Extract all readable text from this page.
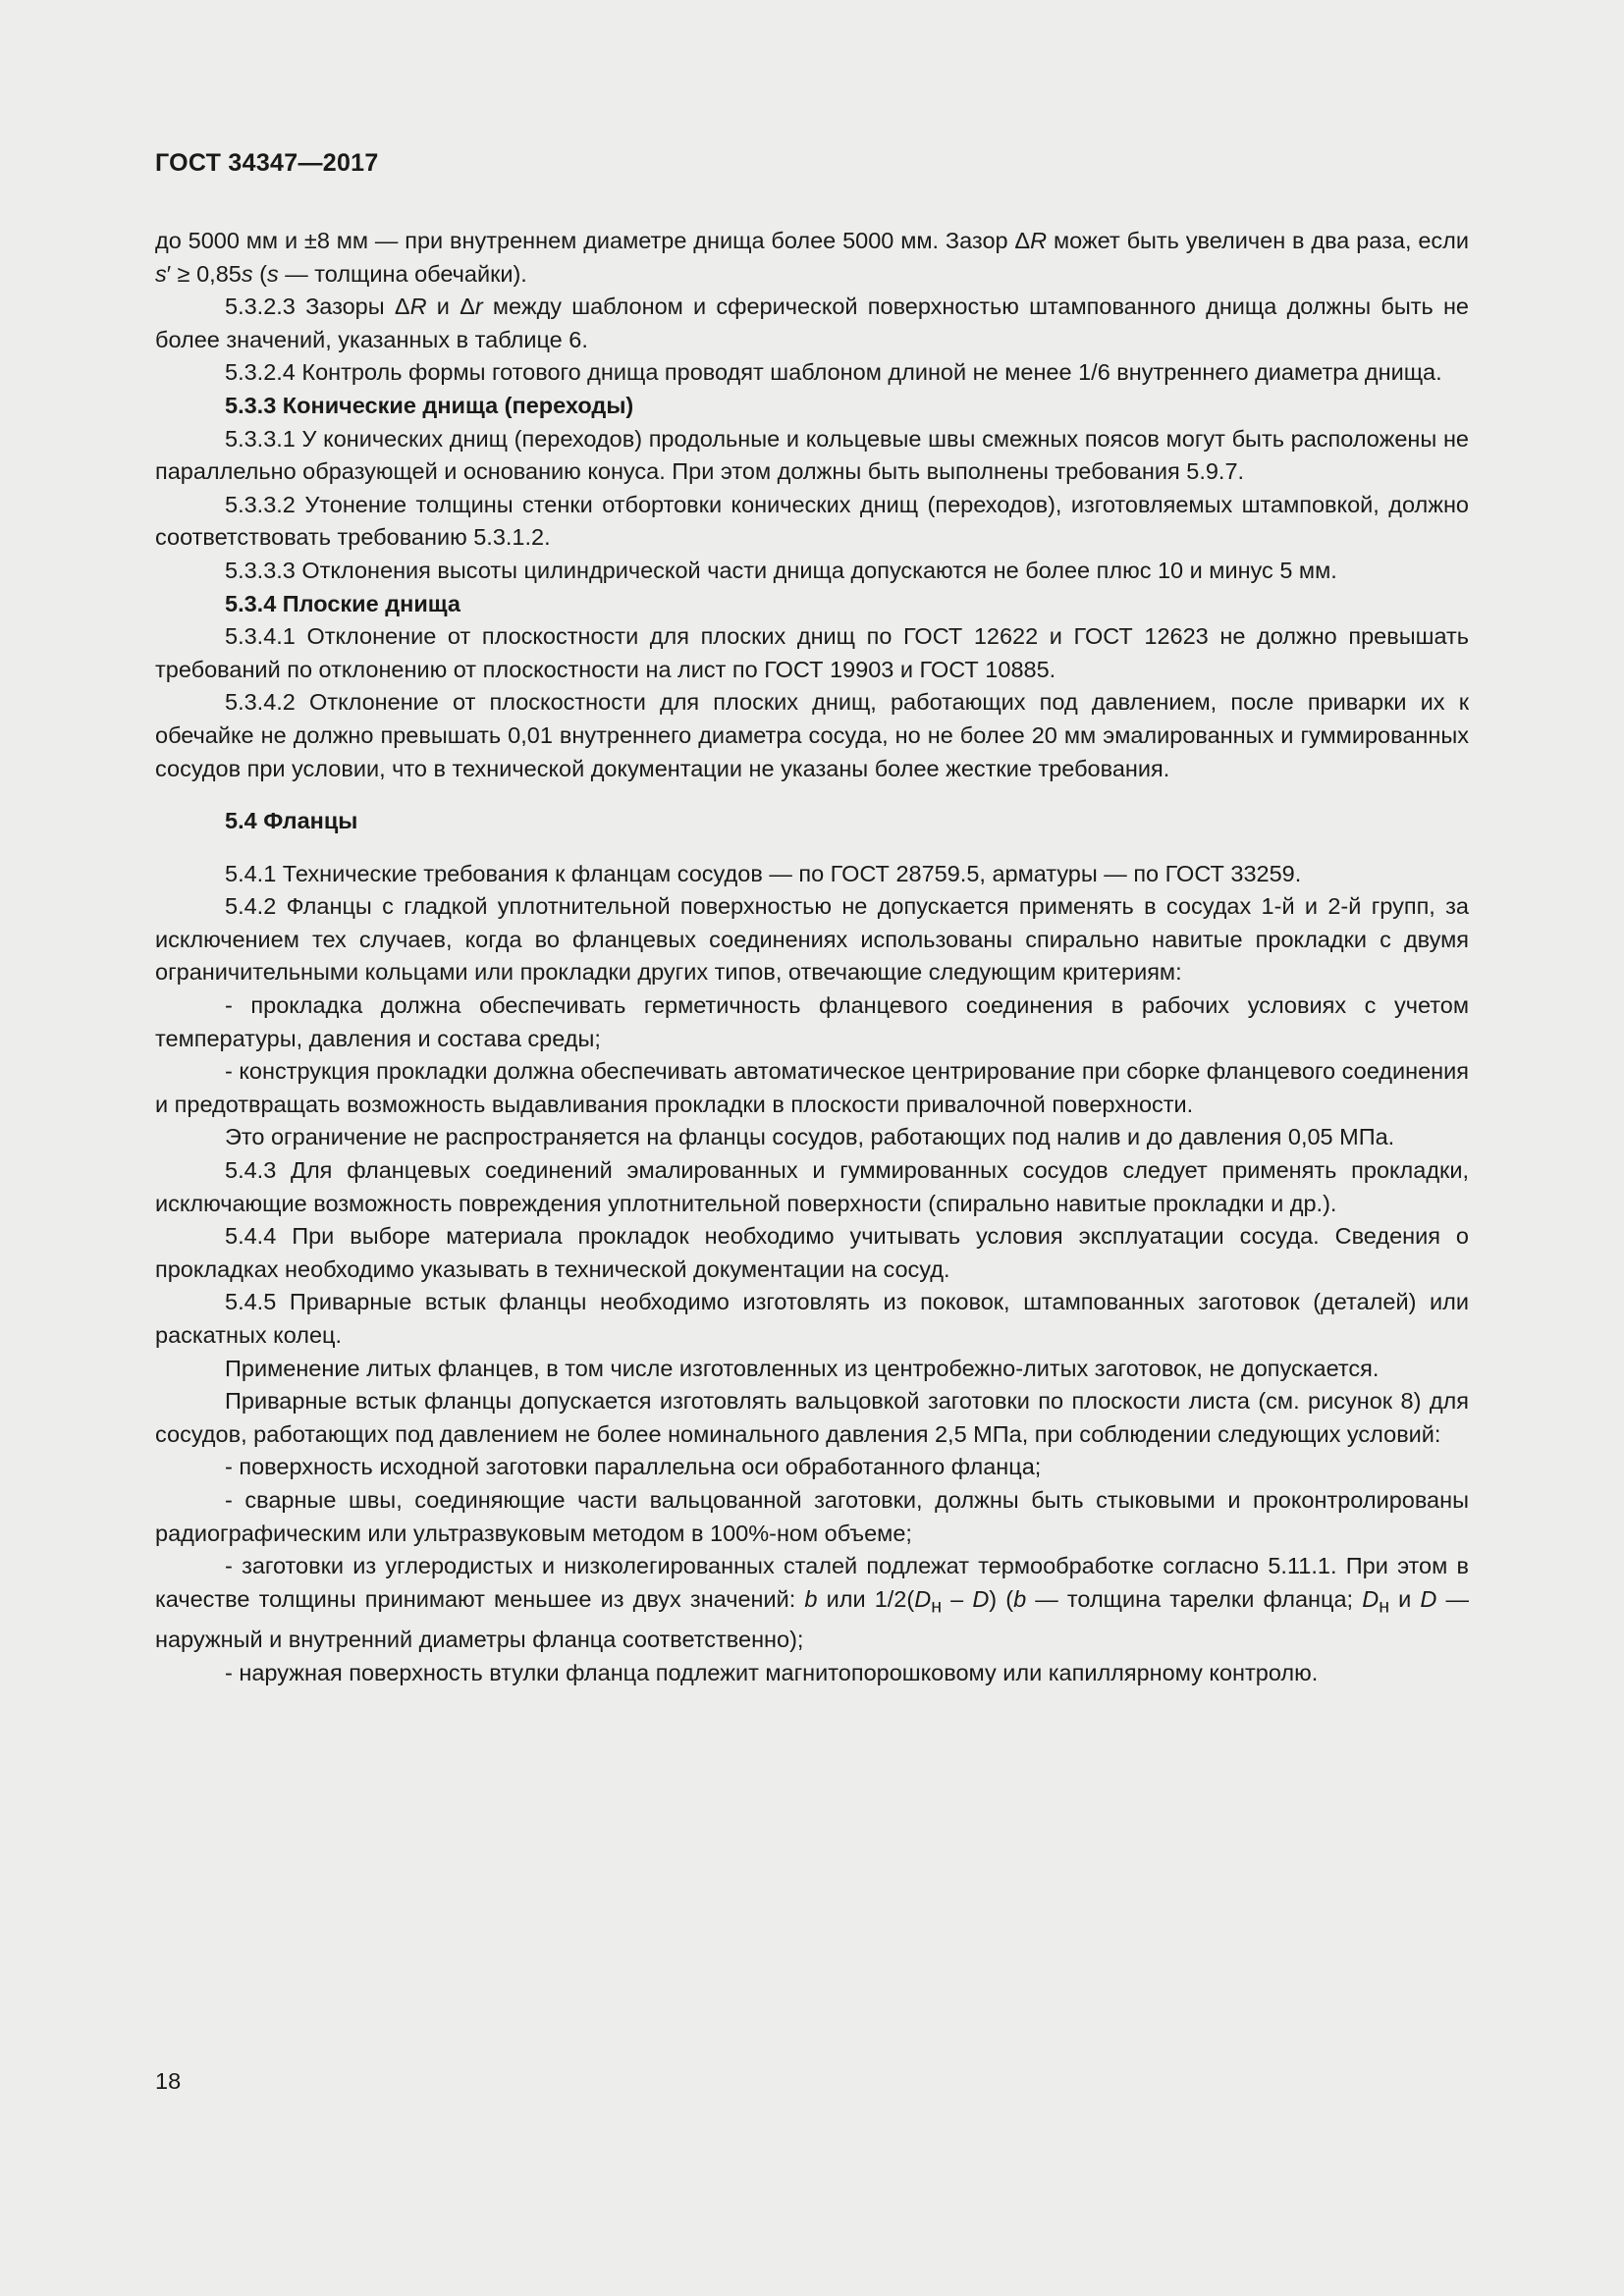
ГОСТ 34347—2017

до 5000 мм и ±8 мм — при внутреннем диаметре днища более 5000 мм. Зазор ΔR может быть увеличен в два раза, если s′ ≥ 0,85s (s — толщина обечайки).

5.3.2.3 Зазоры ΔR и Δr между шаблоном и сферической поверхностью штампованного днища должны быть не более значений, указанных в таблице 6.

5.3.2.4 Контроль формы готового днища проводят шаблоном длиной не менее 1/6 внутреннего диаметра днища.

5.3.3 Конические днища (переходы)

5.3.3.1 У конических днищ (переходов) продольные и кольцевые швы смежных поясов могут быть расположены не параллельно образующей и основанию конуса. При этом должны быть выполнены требования 5.9.7.

5.3.3.2 Утонение толщины стенки отбортовки конических днищ (переходов), изготовляемых штамповкой, должно соответствовать требованию 5.3.1.2.

5.3.3.3 Отклонения высоты цилиндрической части днища допускаются не более плюс 10 и минус 5 мм.

5.3.4 Плоские днища

5.3.4.1 Отклонение от плоскостности для плоских днищ по ГОСТ 12622 и ГОСТ 12623 не должно превышать требований по отклонению от плоскостности на лист по ГОСТ 19903 и ГОСТ 10885.

5.3.4.2 Отклонение от плоскостности для плоских днищ, работающих под давлением, после приварки их к обечайке не должно превышать 0,01 внутреннего диаметра сосуда, но не более 20 мм эмалированных и гуммированных сосудов при условии, что в технической документации не указаны более жесткие требования.

5.4 Фланцы

5.4.1 Технические требования к фланцам сосудов — по ГОСТ 28759.5, арматуры — по ГОСТ 33259.

5.4.2 Фланцы с гладкой уплотнительной поверхностью не допускается применять в сосудах 1-й и 2-й групп, за исключением тех случаев, когда во фланцевых соединениях использованы спирально навитые прокладки с двумя ограничительными кольцами или прокладки других типов, отвечающие следующим критериям:

- прокладка должна обеспечивать герметичность фланцевого соединения в рабочих условиях с учетом температуры, давления и состава среды;

- конструкция прокладки должна обеспечивать автоматическое центрирование при сборке фланцевого соединения и предотвращать возможность выдавливания прокладки в плоскости привалочной поверхности.

Это ограничение не распространяется на фланцы сосудов, работающих под налив и до давления 0,05 МПа.

5.4.3 Для фланцевых соединений эмалированных и гуммированных сосудов следует применять прокладки, исключающие возможность повреждения уплотнительной поверхности (спирально навитые прокладки и др.).

5.4.4 При выборе материала прокладок необходимо учитывать условия эксплуатации сосуда. Сведения о прокладках необходимо указывать в технической документации на сосуд.

5.4.5 Приварные встык фланцы необходимо изготовлять из поковок, штампованных заготовок (деталей) или раскатных колец.

Применение литых фланцев, в том числе изготовленных из центробежно-литых заготовок, не допускается.

Приварные встык фланцы допускается изготовлять вальцовкой заготовки по плоскости листа (см. рисунок 8) для сосудов, работающих под давлением не более номинального давления 2,5 МПа, при соблюдении следующих условий:

- поверхность исходной заготовки параллельна оси обработанного фланца;

- сварные швы, соединяющие части вальцованной заготовки, должны быть стыковыми и проконтролированы радиографическим или ультразвуковым методом в 100%-ном объеме;

- заготовки из углеродистых и низколегированных сталей подлежат термообработке согласно 5.11.1. При этом в качестве толщины принимают меньшее из двух значений: b или $1/2(D_н - D)$ (b — толщина тарелки фланца; $D_н$ и D — наружный и внутренний диаметры фланца соответственно);

- наружная поверхность втулки фланца подлежит магнитопорошковому или капиллярному контролю.

18
